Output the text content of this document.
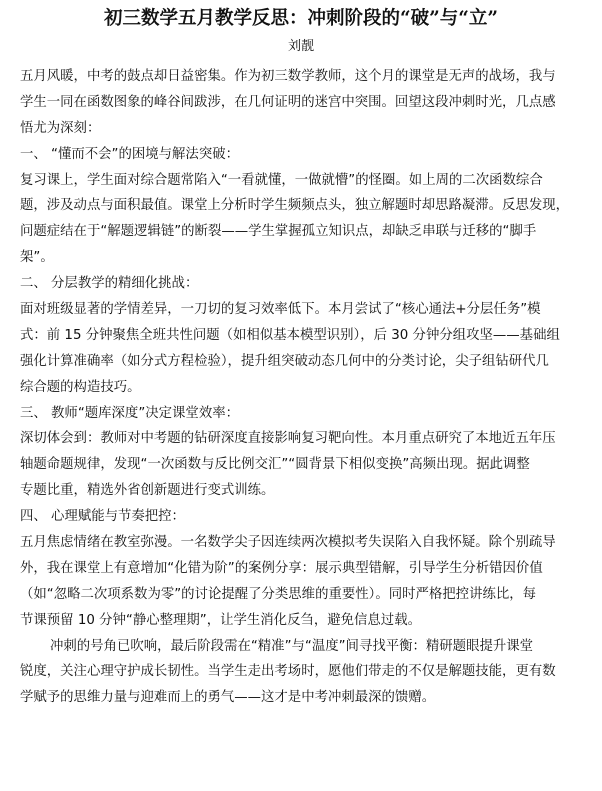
初三数学五月教学反思：冲刺阶段的“破”与“立”
刘靓
五月风暖，中考的鼓点却日益密集。作为初三数学教师，这个月的课堂是无声的战场，我与
学生一同在函数图象的峰谷间跋涉，在几何证明的迷宫中突围。回望这段冲刺时光，几点感
悟尤为深刻：
一、 “懂而不会”的困境与解法突破：
复习课上，学生面对综合题常陷入“一看就懂，一做就懵”的怪圈。如上周的二次函数综合
题，涉及动点与面积最值。课堂上分析时学生频频点头，独立解题时却思路凝滞。反思发现，
问题症结在于“解题逻辑链”的断裂——学生掌握孤立知识点，却缺乏串联与迁移的“脚手
架”。
二、 分层教学的精细化挑战：
面对班级显著的学情差异，一刀切的复习效率低下。本月尝试了“核心通法+分层任务”模
式：前 15 分钟聚焦全班共性问题（如相似基本模型识别），后 30 分钟分组攻坚——基础组
强化计算准确率（如分式方程检验），提升组突破动态几何中的分类讨论，尖子组钻研代几
综合题的构造技巧。
三、 教师“题库深度”决定课堂效率：
深切体会到：教师对中考题的钻研深度直接影响复习靶向性。本月重点研究了本地近五年压
轴题命题规律，发现“一次函数与反比例交汇”“圆背景下相似变换”高频出现。据此调整
专题比重，精选外省创新题进行变式训练。
四、 心理赋能与节奏把控：
五月焦虑情绪在教室弥漫。一名数学尖子因连续两次模拟考失误陷入自我怀疑。除个别疏导
外，我在课堂上有意增加“化错为阶”的案例分享：展示典型错解，引导学生分析错因价值
（如“忽略二次项系数为零”的讨论提醒了分类思维的重要性）。同时严格把控讲练比，每
节课预留 10 分钟“静心整理期”，让学生消化反刍，避免信息过载。
冲刺的号角已吹响，最后阶段需在“精准”与“温度”间寻找平衡：精研题眼提升课堂
锐度，关注心理守护成长韧性。当学生走出考场时，愿他们带走的不仅是解题技能，更有数
学赋予的思维力量与迎难而上的勇气——这才是中考冲刺最深的馈赠。
